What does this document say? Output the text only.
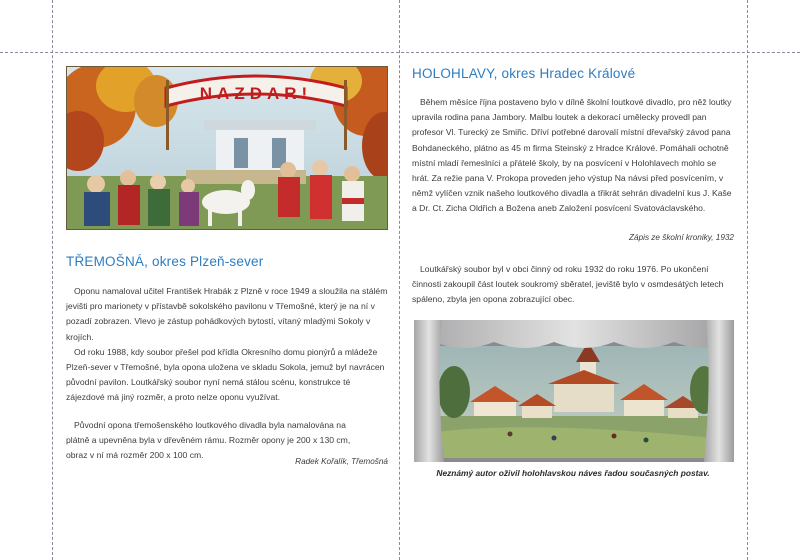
NAZDAR!
TŘEMOŠNÁ, okres Plzeň-sever

Oponu namaloval učitel František Hrabák z Plzně v roce 1949 a sloužila na stálém jevišti pro marionety v přístavbě sokolského pavilonu v Třemošné, který je na ní v pozadí zobrazen. Vlevo je zástup pohádkových bytostí, vítaný mladými Sokoly v krojích.

Od roku 1988, kdy soubor přešel pod křídla Okresního domu pionýrů a mládeže Plzeň-sever v Třemošné, byla opona uložena ve skladu Sokola, jemuž byl navrácen původní pavilon. Loutkářský soubor nyní nemá stálou scénu, konstrukce té zájezdové má jiný rozměr, a proto nelze oponu využívat.

Původní opona třemošenského loutkového divadla byla namalována na plátně a upevněna byla v dřevěném rámu. Rozměr opony je 200 x 130 cm, obraz v ní má rozměr 200 x 100 cm.

Radek Kořalík, Třemošná

HOLOHLAVY, okres Hradec Králové

Během měsíce října postaveno bylo v dílně školní loutkové divadlo, pro něž loutky upravila rodina pana Jambory. Malbu loutek a dekorací umělecky provedl pan profesor Vl. Turecký ze Smiřic. Dříví potřebné darovalí místní dřevařský závod pana Bohdaneckého, plátno as 45 m firma Steinský z Hradce Králové. Pomáhali ochotně místní mladí řemeslníci a přátelé školy, by na posvícení v Holohlavech mohlo se hrát. Za režie pana V. Prokopa proveden jeho výstup Na návsi před posvícením, v němž vylíčen vznik našeho loutkového divadla a třikrát sehrán divadelní kus J. Kaše a Dr. Ct. Zicha Oldřich a Božena aneb Založení posvícení Svatováclavského.

Zápis ze školní kroniky, 1932

Loutkářský soubor byl v obci činný od roku 1932 do roku 1976. Po ukončení činnosti zakoupil část loutek soukromý sběratel, jeviště bylo v osmdesátých letech spáleno, zbyla jen opona zobrazující obec.

Neznámý autor oživil holohlavskou náves řadou současných postav.
